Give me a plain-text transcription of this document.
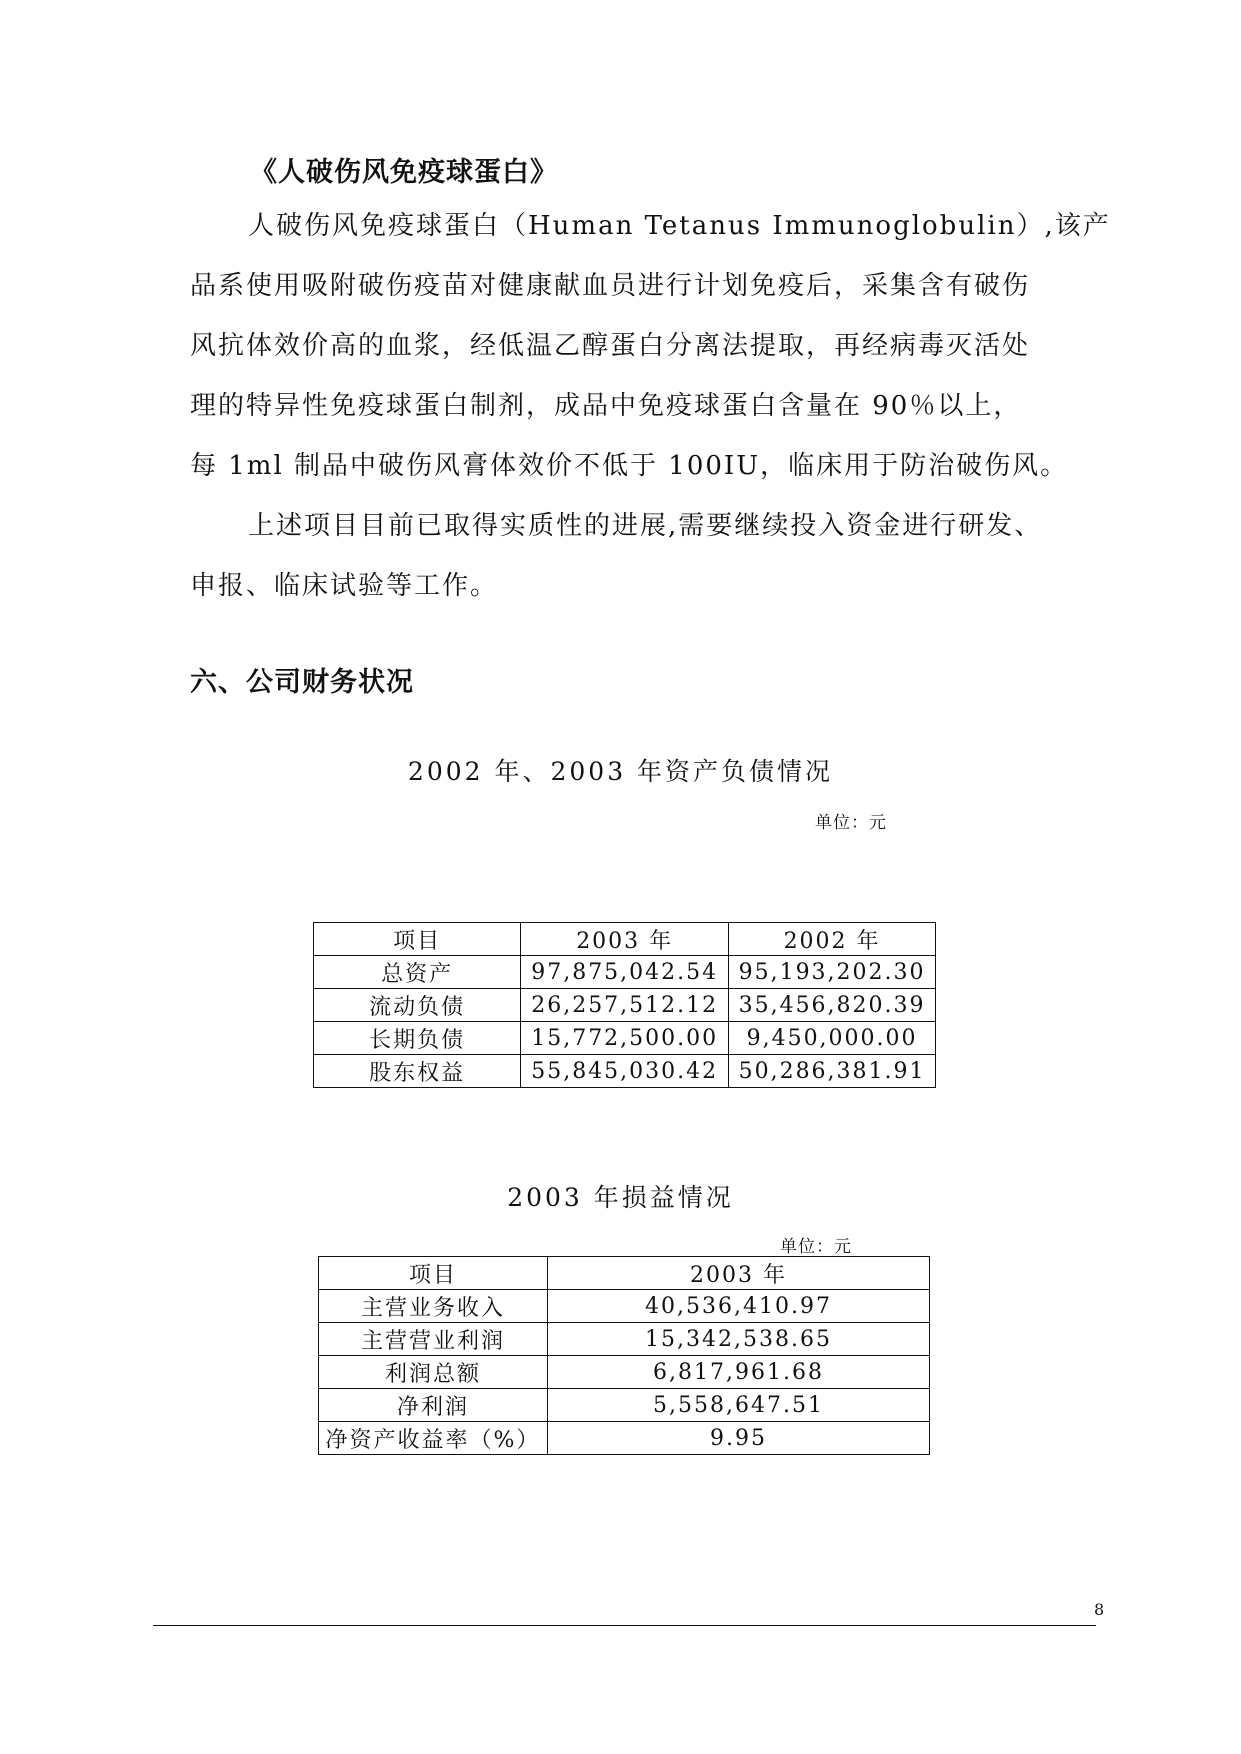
《人破伤风免疫球蛋白》
人破伤风免疫球蛋白（Human Tetanus Immunoglobulin）,该产
品系使用吸附破伤疫苗对健康献血员进行计划免疫后，采集含有破伤
风抗体效价高的血浆，经低温乙醇蛋白分离法提取，再经病毒灭活处
理的特异性免疫球蛋白制剂，成品中免疫球蛋白含量在 90％以上，
每 1ml 制品中破伤风膏体效价不低于 100IU，临床用于防治破伤风。
上述项目目前已取得实质性的进展,需要继续投入资金进行研发、
申报、临床试验等工作。
六、公司财务状况
2002 年、2003 年资产负债情况
单位：元
项目	2003 年	2002 年
总资产	97,875,042.54	95,193,202.30
流动负债	26,257,512.12	35,456,820.39
长期负债	15,772,500.00	9,450,000.00
股东权益	55,845,030.42	50,286,381.91
2003 年损益情况
单位：元
项目	2003 年
主营业务收入	40,536,410.97
主营营业利润	15,342,538.65
利润总额	6,817,961.68
净利润	5,558,647.51
净资产收益率（%）	9.95
8
